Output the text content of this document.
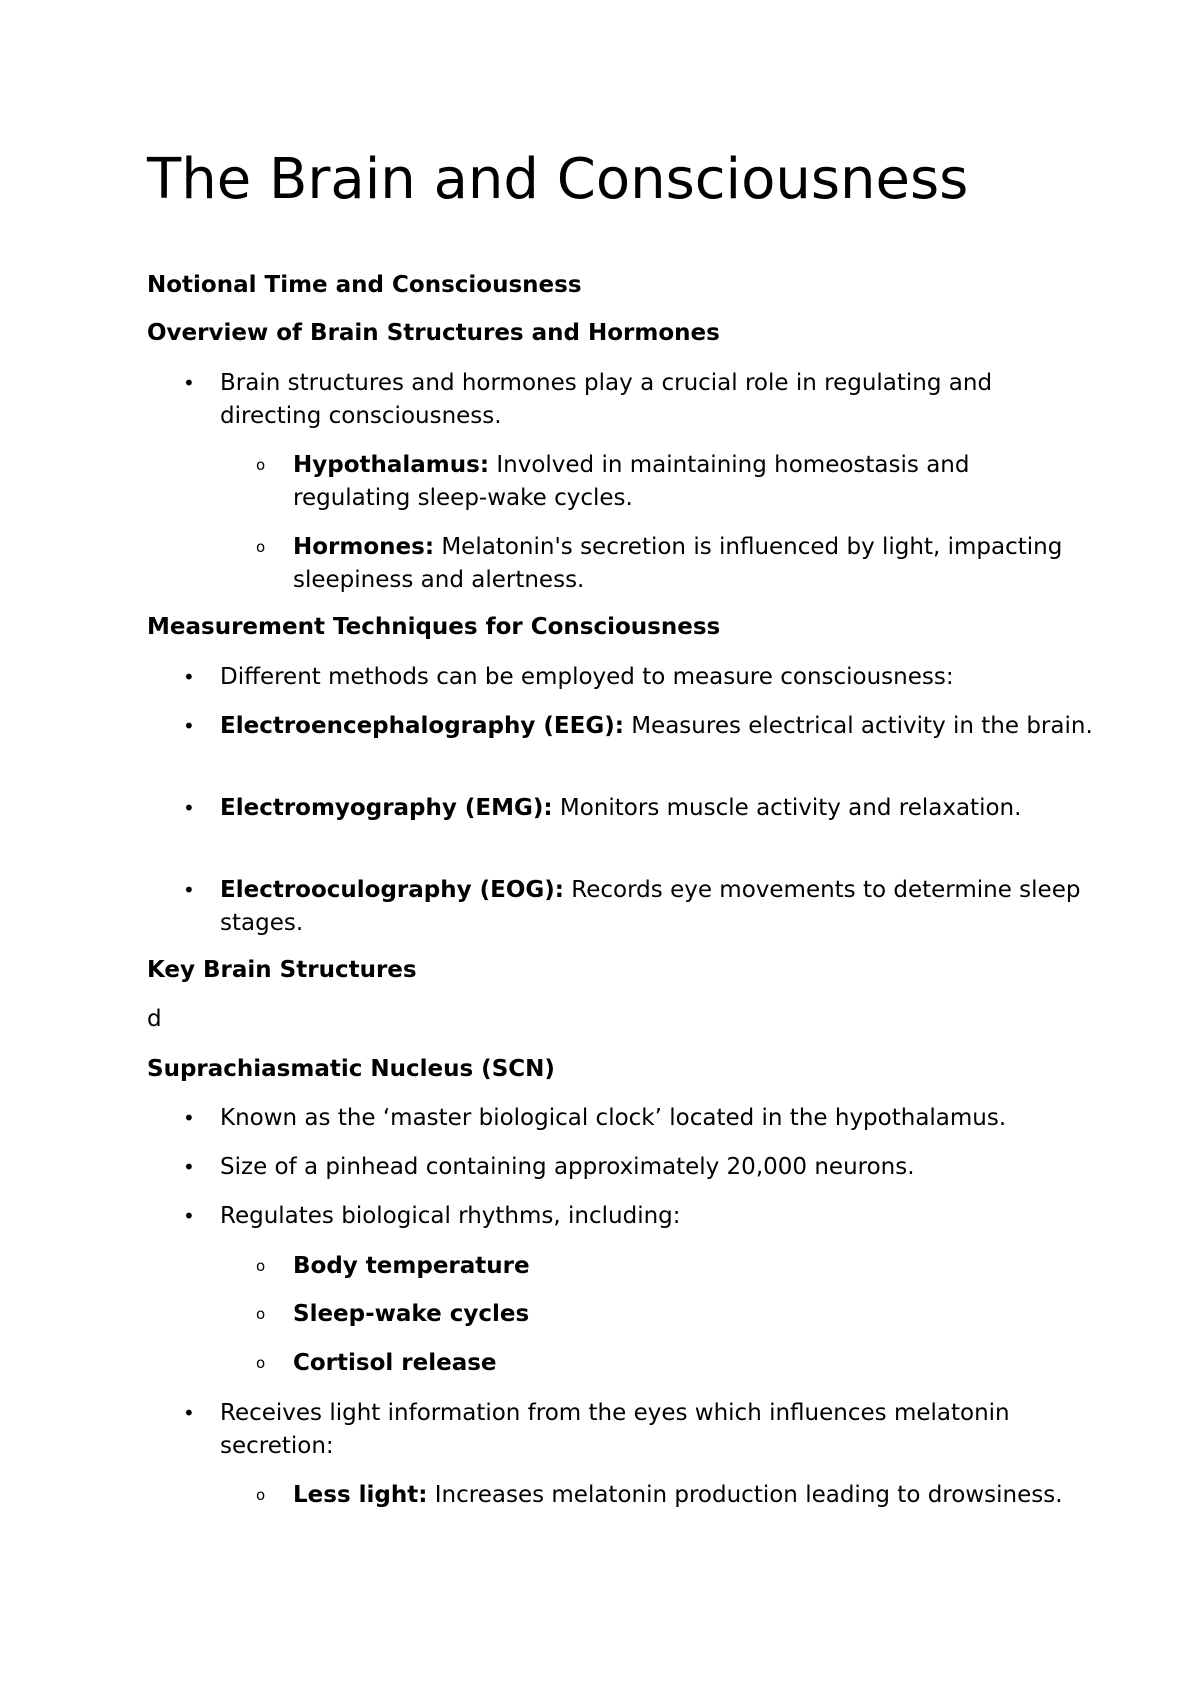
The Brain and Consciousness
Notional Time and Consciousness
Overview of Brain Structures and Hormones
• Brain structures and hormones play a crucial role in regulating and directing consciousness.
o Hypothalamus: Involved in maintaining homeostasis and regulating sleep-wake cycles.
o Hormones: Melatonin's secretion is influenced by light, impacting sleepiness and alertness.
Measurement Techniques for Consciousness
• Different methods can be employed to measure consciousness:
• Electroencephalography (EEG): Measures electrical activity in the brain.
• Electromyography (EMG): Monitors muscle activity and relaxation.
• Electrooculography (EOG): Records eye movements to determine sleep stages.
Key Brain Structures
d
Suprachiasmatic Nucleus (SCN)
• Known as the ‘master biological clock’ located in the hypothalamus.
• Size of a pinhead containing approximately 20,000 neurons.
• Regulates biological rhythms, including:
o Body temperature
o Sleep-wake cycles
o Cortisol release
• Receives light information from the eyes which influences melatonin secretion:
o Less light: Increases melatonin production leading to drowsiness.
